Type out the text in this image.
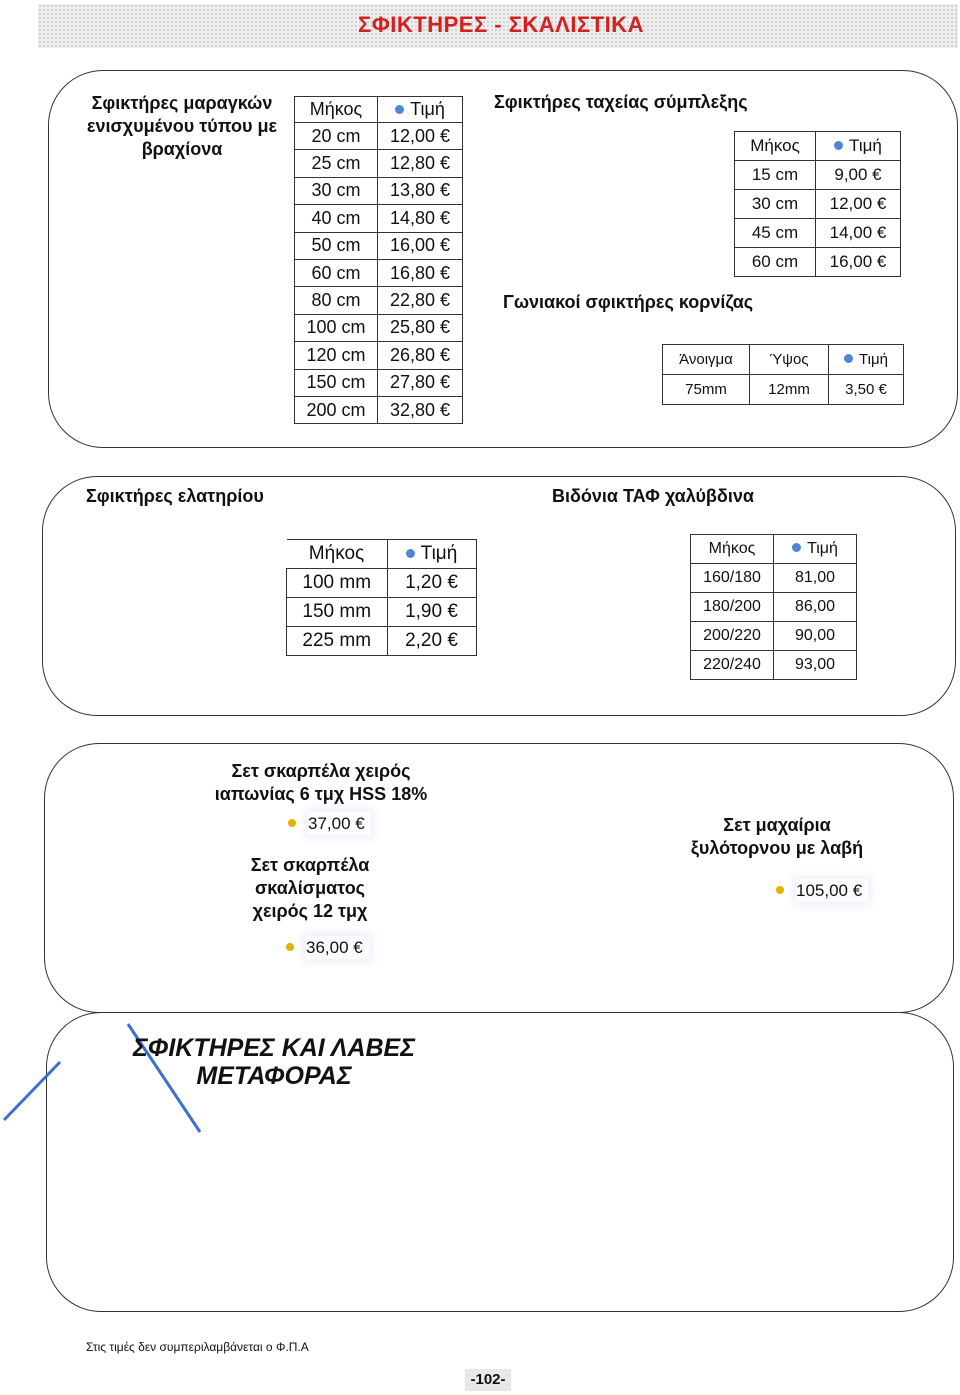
ΣΦΙΚΤΗΡΕΣ - ΣΚΑΛΙΣΤΙΚΑ
Σφικτήρες μαραγκών ενισχυμένου τύπου με βραχίονα
Μήκος	Τιμή
20 cm	12,00 €
25 cm	12,80 €
30 cm	13,80 €
40 cm	14,80 €
50 cm	16,00 €
60 cm	16,80 €
80 cm	22,80 €
100 cm	25,80 €
120 cm	26,80 €
150 cm	27,80 €
200 cm	32,80 €
Σφικτήρες ταχείας σύμπλεξης
Μήκος	Τιμή
15 cm	9,00 €
30 cm	12,00 €
45 cm	14,00 €
60 cm	16,00 €
Γωνιακοί σφικτήρες κορνίζας
Άνοιγμα	Ύψος	Τιμή
75mm	12mm	3,50 €
Σφικτήρες ελατηρίου	Βιδόνια ΤΑΦ χαλύβδινα
Μήκος	Τιμή
100 mm	1,20 €
150 mm	1,90 €
225 mm	2,20 €
Μήκος	Τιμή
160/180	81,00
180/200	86,00
200/220	90,00
220/240	93,00
Σετ σκαρπέλα χειρός
ιαπωνίας 6 τμχ HSS 18%
37,00 €
Σετ σκαρπέλα
σκαλίσματος
χειρός 12 τμχ
36,00 €
Σετ μαχαίρια
ξυλότορνου με λαβή
105,00 €
ΣΦΙΚΤΗΡΕΣ ΚΑΙ ΛΑΒΕΣ
ΜΕΤΑΦΟΡΑΣ
Στις τιμές δεν συμπεριλαμβάνεται ο Φ.Π.Α
-102-
